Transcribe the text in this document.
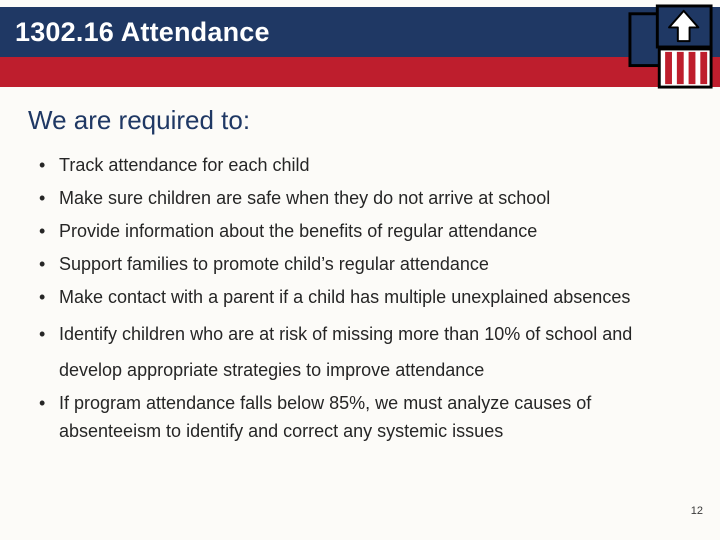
1302.16 Attendance
We are required to:
• Track attendance for each child
• Make sure children are safe when they do not arrive at school
• Provide information about the benefits of regular attendance
• Support families to promote child’s regular attendance
• Make contact with a parent if a child has multiple unexplained absences
• Identify children who are at risk of missing more than 10% of school and develop appropriate strategies to improve attendance
• If program attendance falls below 85%, we must analyze causes of absenteeism to identify and correct any systemic issues
12
